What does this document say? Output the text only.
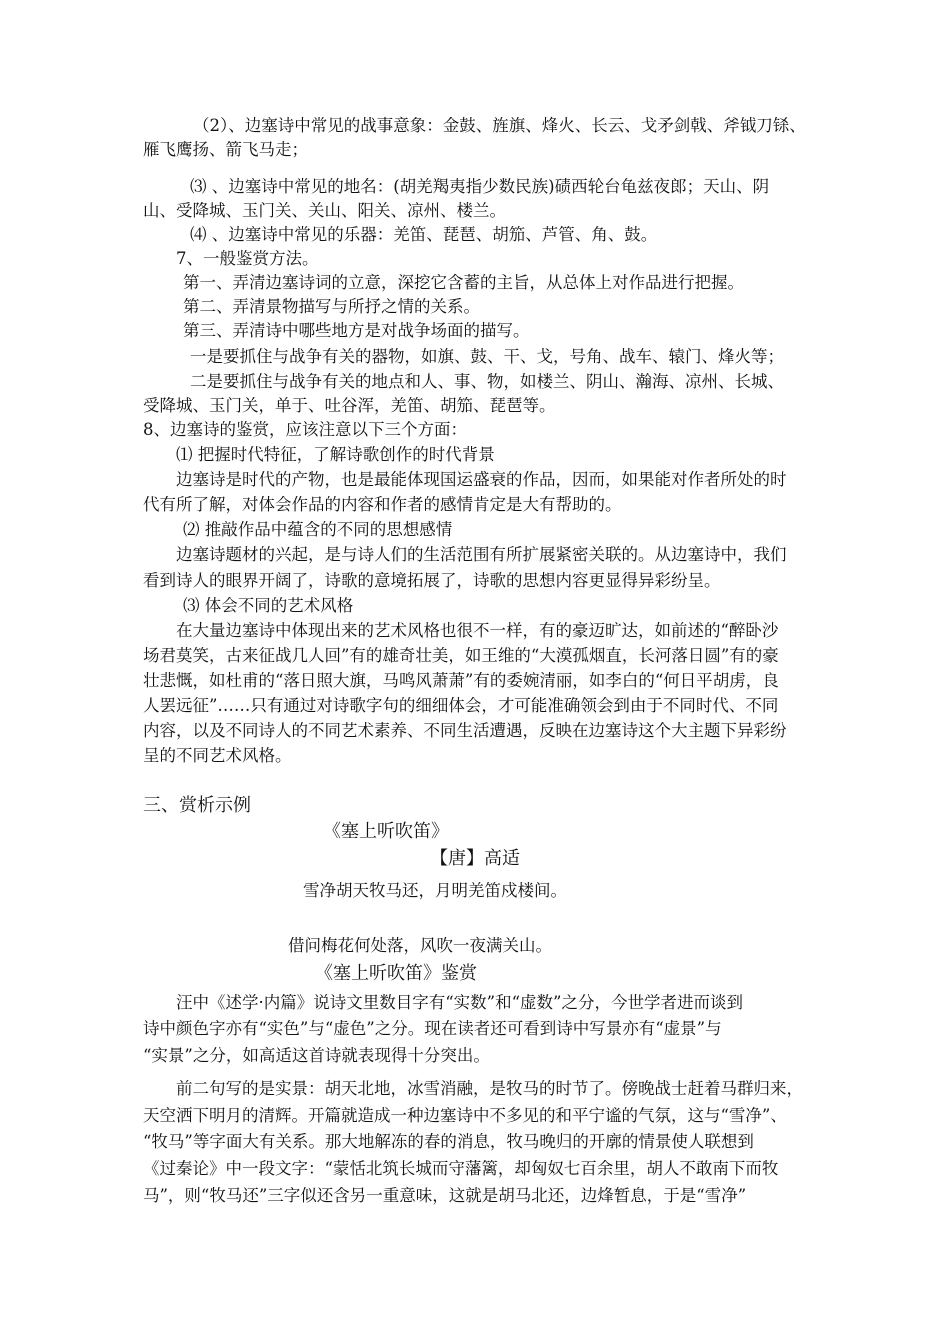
（2）、边塞诗中常见的战事意象：金鼓、旌旗、烽火、长云、戈矛剑戟、斧钺刀铩、
雁飞鹰扬、箭飞马走；
⑶ 、边塞诗中常见的地名：(胡羌羯夷指少数民族)碛西轮台龟兹夜郎；天山、阴
山、受降城、玉门关、关山、阳关、凉州、楼兰。
⑷ 、边塞诗中常见的乐器：羌笛、琵琶、胡笳、芦管、角、鼓。
7、一般鉴赏方法。
第一、弄清边塞诗词的立意，深挖它含蓄的主旨，从总体上对作品进行把握。
第二、弄清景物描写与所抒之情的关系。
第三、弄清诗中哪些地方是对战争场面的描写。
一是要抓住与战争有关的器物，如旗、鼓、干、戈，号角、战车、辕门、烽火等；
二是要抓住与战争有关的地点和人、事、物，如楼兰、阴山、瀚海、凉州、长城、
受降城、玉门关，单于、吐谷浑，羌笛、胡笳、琵琶等。
8、边塞诗的鉴赏，应该注意以下三个方面：
⑴ 把握时代特征，了解诗歌创作的时代背景
边塞诗是时代的产物，也是最能体现国运盛衰的作品，因而，如果能对作者所处的时
代有所了解，对体会作品的内容和作者的感情肯定是大有帮助的。
⑵ 推敲作品中蕴含的不同的思想感情
边塞诗题材的兴起，是与诗人们的生活范围有所扩展紧密关联的。从边塞诗中，我们
看到诗人的眼界开阔了，诗歌的意境拓展了，诗歌的思想内容更显得异彩纷呈。
⑶ 体会不同的艺术风格
在大量边塞诗中体现出来的艺术风格也很不一样，有的豪迈旷达，如前述的“醉卧沙
场君莫笑，古来征战几人回”有的雄奇壮美，如王维的“大漠孤烟直，长河落日圆”有的豪
壮悲慨，如杜甫的“落日照大旗，马鸣风萧萧”有的委婉清丽，如李白的“何日平胡虏，良
人罢远征”……只有通过对诗歌字句的细细体会，才可能准确领会到由于不同时代、不同
内容，以及不同诗人的不同艺术素养、不同生活遭遇，反映在边塞诗这个大主题下异彩纷
呈的不同艺术风格。
三、赏析示例
《塞上听吹笛》
【唐】高适
雪净胡天牧马还，月明羌笛戍楼间。
借问梅花何处落，风吹一夜满关山。
《塞上听吹笛》鉴赏
汪中《述学·内篇》说诗文里数目字有“实数”和“虚数”之分，今世学者进而谈到
诗中颜色字亦有“实色”与“虚色”之分。现在读者还可看到诗中写景亦有“虚景”与
“实景”之分，如高适这首诗就表现得十分突出。
前二句写的是实景：胡天北地，冰雪消融，是牧马的时节了。傍晚战士赶着马群归来，
天空洒下明月的清辉。开篇就造成一种边塞诗中不多见的和平宁谧的气氛，这与“雪净”、
“牧马”等字面大有关系。那大地解冻的春的消息，牧马晚归的开廓的情景使人联想到
《过秦论》中一段文字：“蒙恬北筑长城而守藩篱，却匈奴七百余里，胡人不敢南下而牧
马”，则“牧马还”三字似还含另一重意味，这就是胡马北还，边烽暂息，于是“雪净”
